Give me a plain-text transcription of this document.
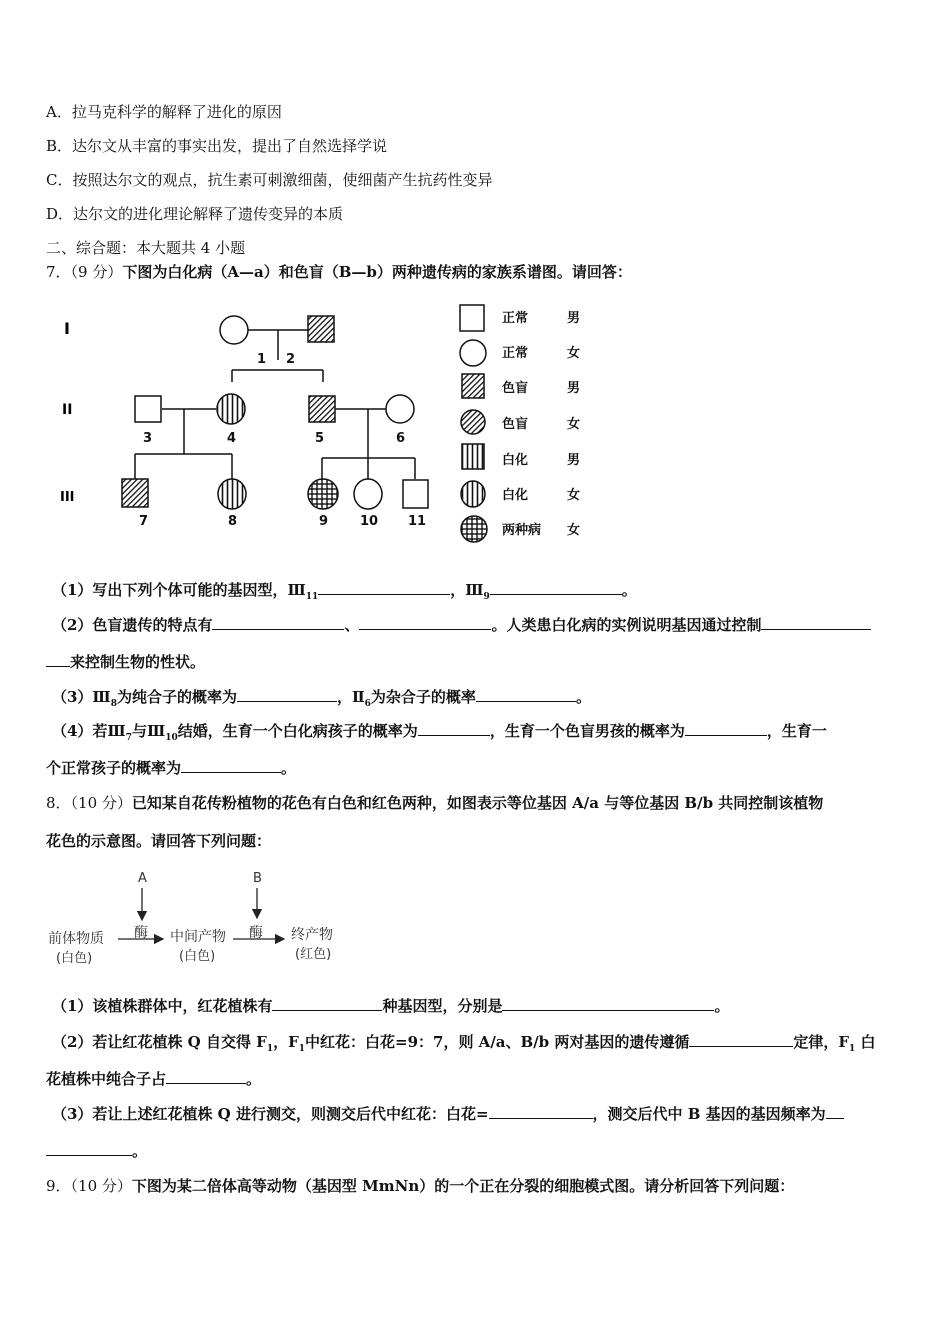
A．拉马克科学的解释了进化的原因
B．达尔文从丰富的事实出发，提出了自然选择学说
C．按照达尔文的观点，抗生素可刺激细菌，使细菌产生抗药性变异
D．达尔文的进化理论解释了遗传变异的本质
二、综合题：本大题共 4 小题
7．（9 分）下图为白化病（A—a）和色盲（B—b）两种遗传病的家族系谱图。请回答：
I
II
III
1 2
3	4	5	6
7	8	9 10 11
正常	男
正常	女
色盲	男
色盲	女
白化	男
白化	女
两种病 女
（1）写出下列个体可能的基因型，$Ⅲ_{11}$	，$Ⅲ_9$	。
（2）色盲遗传的特点有	、	。人类患白化病的实例说明基因通过控制
来控制生物的性状。
$(3)Ⅲ_8$为纯合子的概率为	，$Ⅱ_6$为杂合子的概率	。
（4）若$Ⅲ_7$与$Ⅲ_{10}$结婚，生育一个白化病孩子的概率为	，生育一个色盲男孩的概率为	，生育一
个正常孩子的概率为	。
8．（10 分）已知某自花传粉植物的花色有白色和红色两种，如图表示等位基因 A/a 与等位基因 B/b 共同控制该植物
花色的示意图。请回答下列问题：
A	B
酶	酶
前体物质
(白色)
中间产物
(白色)
终产物
(红色)
（1）该植株群体中，红花植株有	种基因型，分别是	。
（2）若让红花植株 Q 自交得 $F_1$，$F_1$中红花：白花=9：7，则 A/a、B/b 两对基因的遗传遵循	定律，$F_1$ 白
花植株中纯合子占	。
（3）若让上述红花植株 Q 进行测交，则测交后代中红花：白花=	，测交后代中 B 基因的基因频率为
。
9．（10 分）下图为某二倍体高等动物（基因型 MmNn）的一个正在分裂的细胞模式图。请分析回答下列问题：
